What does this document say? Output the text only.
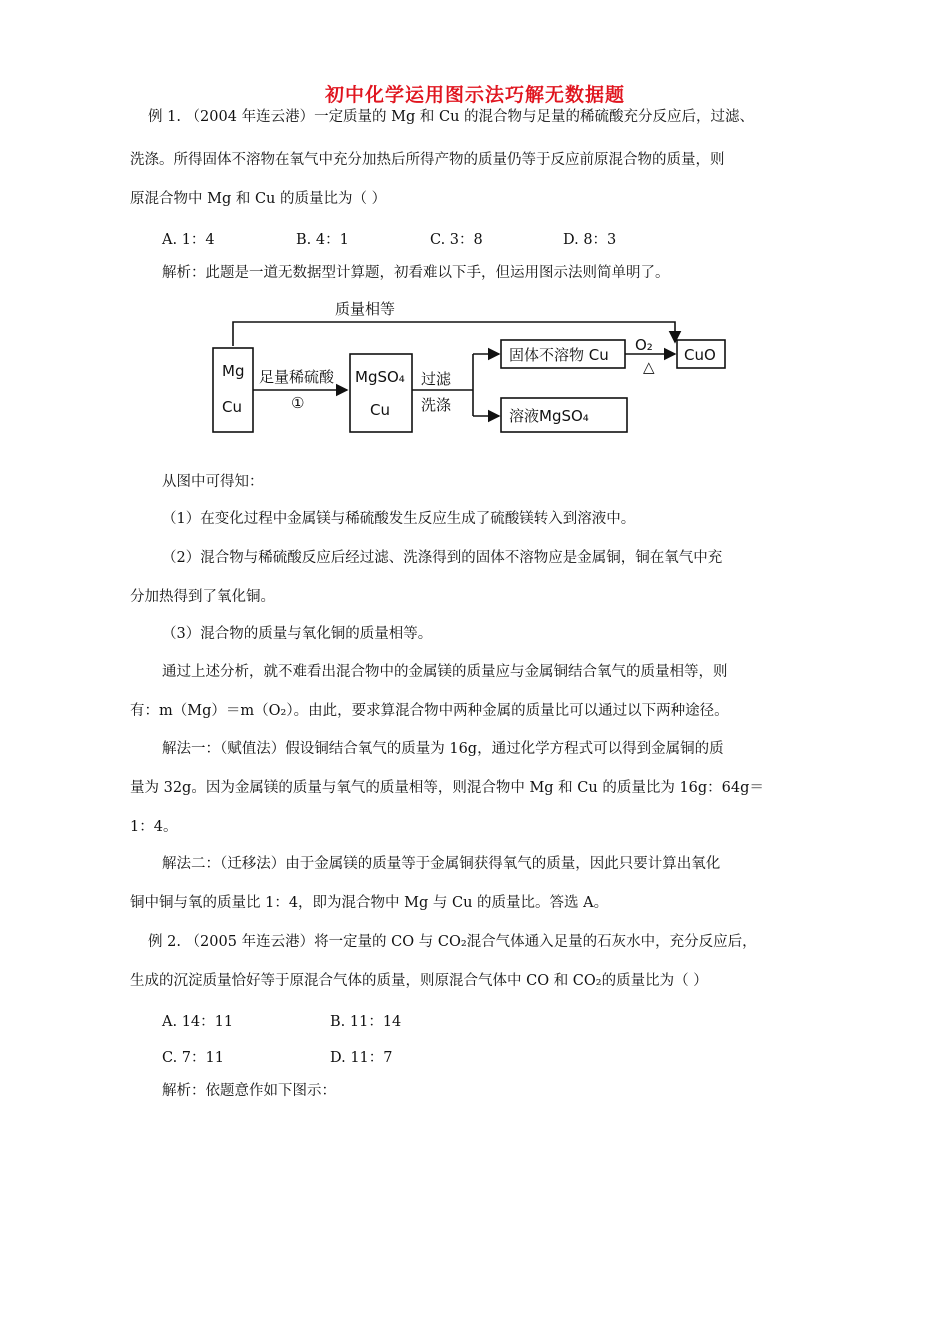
初中化学运用图示法巧解无数据题
例 1. （2004 年连云港）一定质量的 Mg 和 Cu 的混合物与足量的稀硫酸充分反应后，过滤、
洗涤。所得固体不溶物在氧气中充分加热后所得产物的质量仍等于反应前原混合物的质量，则
原混合物中 Mg 和 Cu 的质量比为（ ）
A. 1：4	B. 4：1	C. 3：8	D. 8：3
解析：此题是一道无数据型计算题，初看难以下手，但运用图示法则简单明了。
质量相等
Mg
Cu
足量稀硫酸
①
MgSO₄
Cu
过滤
洗涤
固体不溶物 Cu
O₂
△
CuO
溶液MgSO₄
从图中可得知：
（1）在变化过程中金属镁与稀硫酸发生反应生成了硫酸镁转入到溶液中。
（2）混合物与稀硫酸反应后经过滤、洗涤得到的固体不溶物应是金属铜，铜在氧气中充
分加热得到了氧化铜。
（3）混合物的质量与氧化铜的质量相等。
通过上述分析，就不难看出混合物中的金属镁的质量应与金属铜结合氧气的质量相等，则
有：m（Mg）＝m（O₂）。由此，要求算混合物中两种金属的质量比可以通过以下两种途径。
解法一：（赋值法）假设铜结合氧气的质量为 16g，通过化学方程式可以得到金属铜的质
量为 32g。因为金属镁的质量与氧气的质量相等，则混合物中 Mg 和 Cu 的质量比为 16g：64g＝
1：4。
解法二：（迁移法）由于金属镁的质量等于金属铜获得氧气的质量，因此只要计算出氧化
铜中铜与氧的质量比 1：4，即为混合物中 Mg 与 Cu 的质量比。答选 A。
例 2. （2005 年连云港）将一定量的 CO 与 CO₂混合气体通入足量的石灰水中，充分反应后，
生成的沉淀质量恰好等于原混合气体的质量，则原混合气体中 CO 和 CO₂的质量比为（ ）
A. 14：11	B. 11：14
C. 7：11	D. 11：7
解析：依题意作如下图示：
